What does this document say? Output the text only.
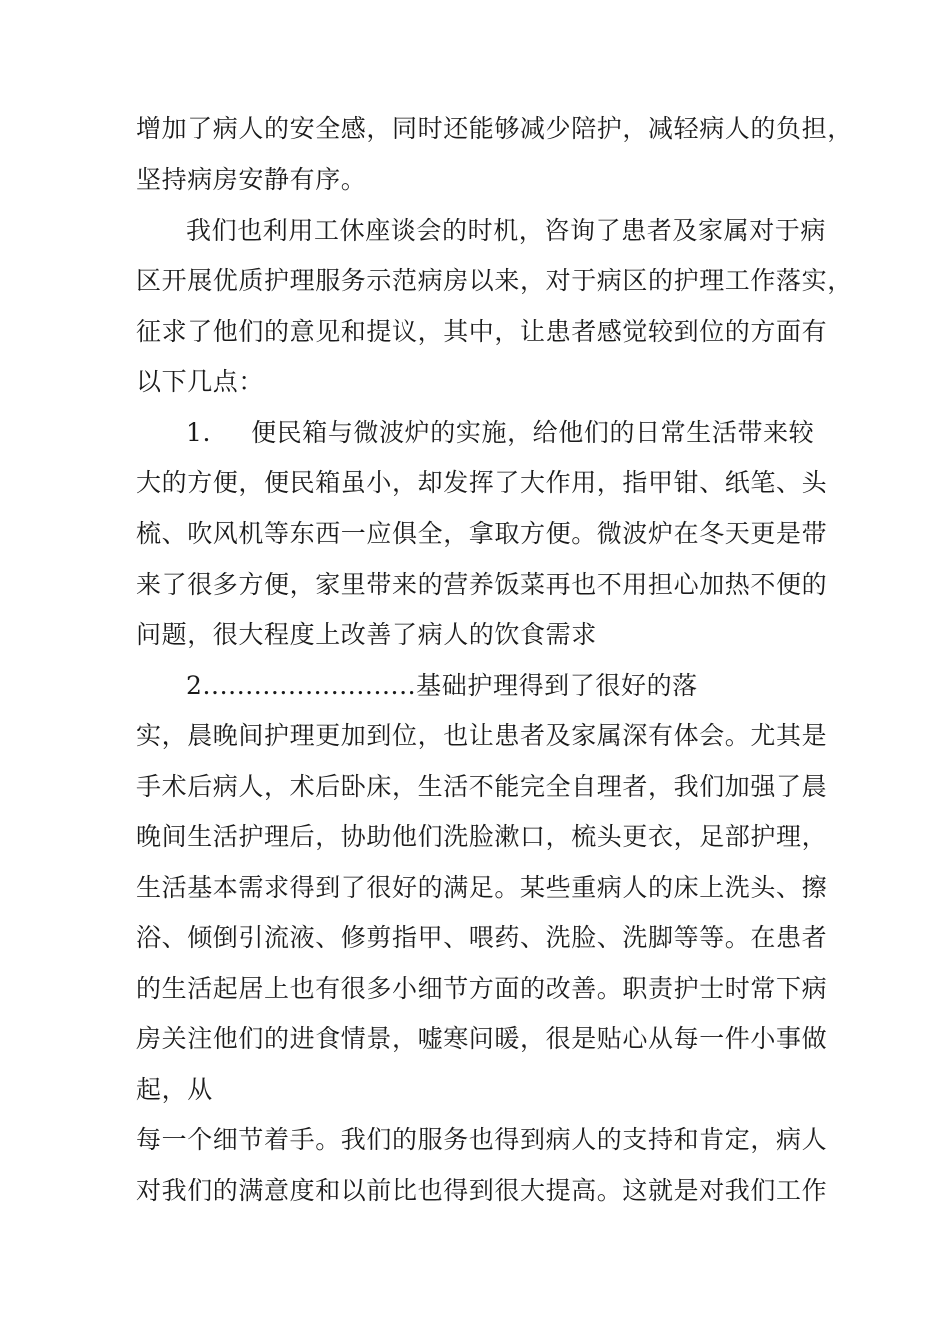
增加了病人的安全感，同时还能够减少陪护，减轻病人的负担，
坚持病房安静有序。
我们也利用工休座谈会的时机，咨询了患者及家属对于病
区开展优质护理服务示范病房以来，对于病区的护理工作落实，
征求了他们的意见和提议，其中，让患者感觉较到位的方面有
以下几点：
1. 便民箱与微波炉的实施，给他们的日常生活带来较
大的方便，便民箱虽小，却发挥了大作用，指甲钳、纸笔、头
梳、吹风机等东西一应俱全，拿取方便。微波炉在冬天更是带
来了很多方便，家里带来的营养饭菜再也不用担心加热不便的
问题，很大程度上改善了病人的饮食需求
2.........................基础护理得到了很好的落
实，晨晚间护理更加到位，也让患者及家属深有体会。尤其是
手术后病人，术后卧床，生活不能完全自理者，我们加强了晨
晚间生活护理后，协助他们洗脸漱口，梳头更衣，足部护理，
生活基本需求得到了很好的满足。某些重病人的床上洗头、擦
浴、倾倒引流液、修剪指甲、喂药、洗脸、洗脚等等。在患者
的生活起居上也有很多小细节方面的改善。职责护士时常下病
房关注他们的进食情景，嘘寒问暖，很是贴心从每一件小事做
起，从
每一个细节着手。我们的服务也得到病人的支持和肯定，病人
对我们的满意度和以前比也得到很大提高。这就是对我们工作
